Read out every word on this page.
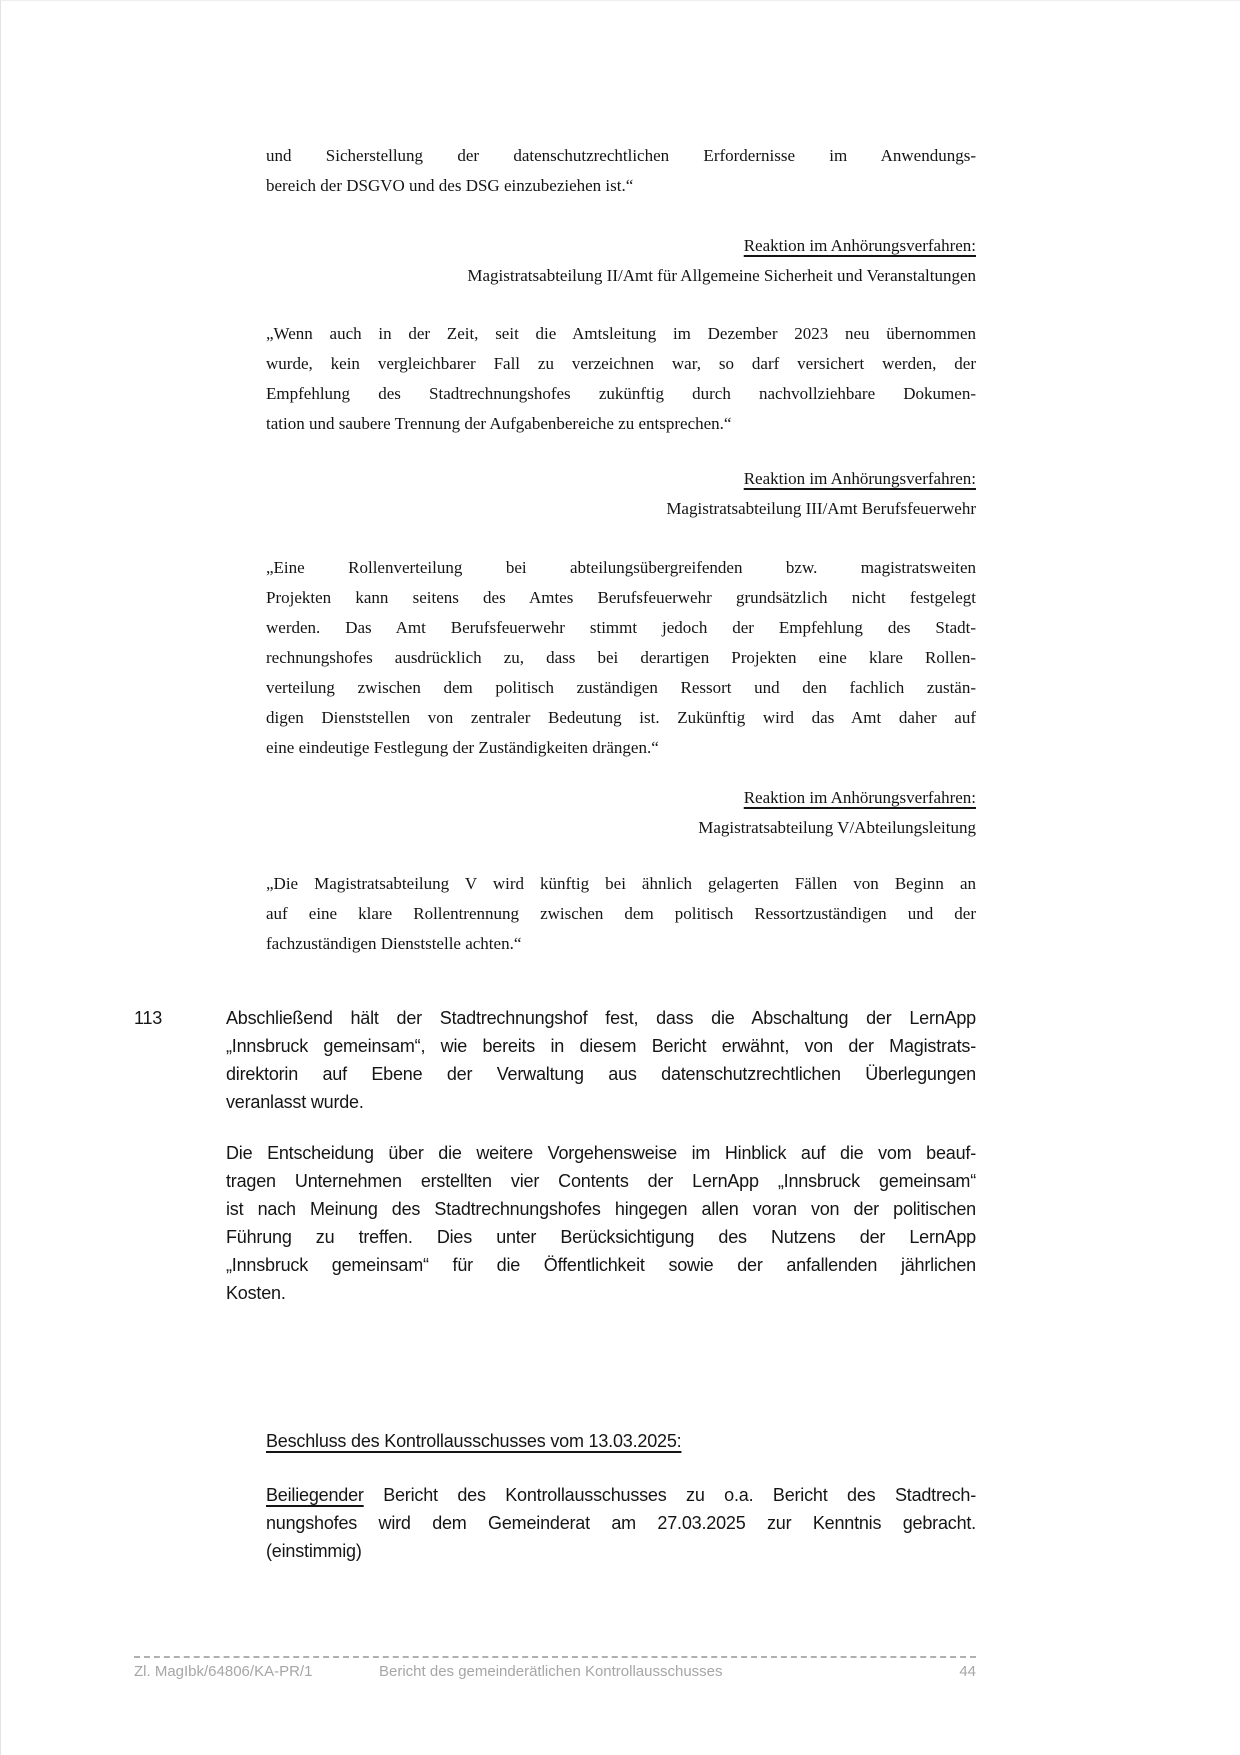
und Sicherstellung der datenschutzrechtlichen Erfordernisse im Anwendungs-
bereich der DSGVO und des DSG einzubeziehen ist.“
Reaktion im Anhörungsverfahren:
Magistratsabteilung II/Amt für Allgemeine Sicherheit und Veranstaltungen
„Wenn auch in der Zeit, seit die Amtsleitung im Dezember 2023 neu übernommen
wurde, kein vergleichbarer Fall zu verzeichnen war, so darf versichert werden, der
Empfehlung des Stadtrechnungshofes zukünftig durch nachvollziehbare Dokumen-
tation und saubere Trennung der Aufgabenbereiche zu entsprechen.“
Reaktion im Anhörungsverfahren:
Magistratsabteilung III/Amt Berufsfeuerwehr
„Eine Rollenverteilung bei abteilungsübergreifenden bzw. magistratsweiten
Projekten kann seitens des Amtes Berufsfeuerwehr grundsätzlich nicht festgelegt
werden. Das Amt Berufsfeuerwehr stimmt jedoch der Empfehlung des Stadt-
rechnungshofes ausdrücklich zu, dass bei derartigen Projekten eine klare Rollen-
verteilung zwischen dem politisch zuständigen Ressort und den fachlich zustän-
digen Dienststellen von zentraler Bedeutung ist. Zukünftig wird das Amt daher auf
eine eindeutige Festlegung der Zuständigkeiten drängen.“
Reaktion im Anhörungsverfahren:
Magistratsabteilung V/Abteilungsleitung
„Die Magistratsabteilung V wird künftig bei ähnlich gelagerten Fällen von Beginn an
auf eine klare Rollentrennung zwischen dem politisch Ressortzuständigen und der
fachzuständigen Dienststelle achten.“
113	Abschließend hält der Stadtrechnungshof fest, dass die Abschaltung der LernApp
„Innsbruck gemeinsam“, wie bereits in diesem Bericht erwähnt, von der Magistrats-
direktorin auf Ebene der Verwaltung aus datenschutzrechtlichen Überlegungen
veranlasst wurde.
Die Entscheidung über die weitere Vorgehensweise im Hinblick auf die vom beauf-
tragen Unternehmen erstellten vier Contents der LernApp „Innsbruck gemeinsam“
ist nach Meinung des Stadtrechnungshofes hingegen allen voran von der politischen
Führung zu treffen. Dies unter Berücksichtigung des Nutzens der LernApp
„Innsbruck gemeinsam“ für die Öffentlichkeit sowie der anfallenden jährlichen
Kosten.
Beschluss des Kontrollausschusses vom 13.03.2025:
Beiliegender Bericht des Kontrollausschusses zu o.a. Bericht des Stadtrech-
nungshofes wird dem Gemeinderat am 27.03.2025 zur Kenntnis gebracht.
(einstimmig)
Zl. MagIbk/64806/KA-PR/1	Bericht des gemeinderätlichen Kontrollausschusses	44
